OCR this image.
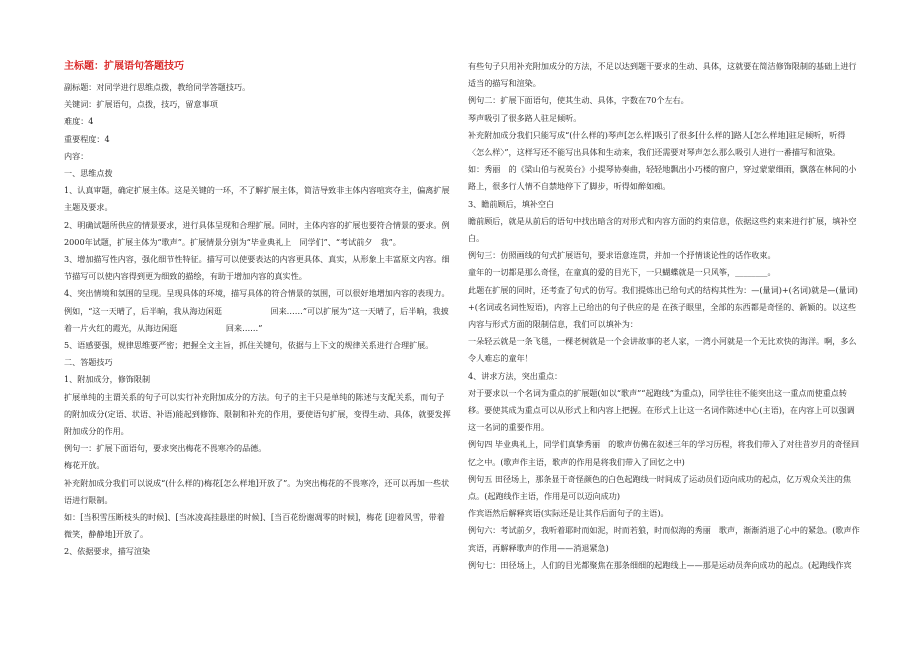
主标题：扩展语句答题技巧

副标题：对同学进行思维点拨，教给同学答题技巧。

关键词：扩展语句，点拨，技巧，留意事项

难度：4

重要程度：4

内容：

一、思维点拨

1、认真审题，确定扩展主体。这是关键的一环，不了解扩展主体，简洁导致非主体内容喧宾夺主，偏离扩展主题及要求。

2、明确试题所供应的情景要求，进行具体呈现和合理扩展。同时，主体内容的扩展也要符合情景的要求。例2000年试题，扩展主体为“歌声”。扩展情景分别为“毕业典礼上　同学们”、“考试前夕　我”。

3、增加描写性内容，强化细节性特征。描写可以使要表达的内容更具体、真实，从形象上丰富原文内容。细节描写可以使内容得到更为细致的描绘，有助于增加内容的真实性。

4、突出情境和氛围的呈现。呈现具体的环境，描写具体的符合情景的氛围，可以很好地增加内容的表现力。例如，“这一天晴了，后半晌，我从海边闲逛　　　　　　回来……”可以扩展为“这一天晴了，后半晌，我披着一片火红的霞光，从海边闲逛　　　　　　回来……”

5、语感要强，规律思维要严密；把握全文主旨，抓住关键句，依据与上下文的规律关系进行合理扩展。

二、答题技巧

1、附加成分，修饰限制

扩展单纯的主谓关系的句子可以实行补充附加成分的方法。句子的主干只是单纯的陈述与支配关系，而句子的附加成分(定语、状语、补语)能起到修饰、限制和补充的作用，要使语句扩展，变得生动、具体，就要发挥附加成分的作用。

例句一：扩展下面语句，要求突出梅花不畏寒冷的品德。

梅花开放。

补充附加成分我们可以说成“(什么样的)梅花[怎么样地]开放了”。为突出梅花的不畏寒冷，还可以再加一些状语进行限制。

如：[当积雪压断枝头的时候]、[当冰凌高挂悬崖的时候]、[当百花纷谢凋零的时候]，梅花 [迎着风雪，带着微笑，静静地]开放了。

2、依据要求，描写渲染

有些句子只用补充附加成分的方法，不足以达到题干要求的生动、具体，这就要在简洁修饰限制的基础上进行适当的描写和渲染。

例句二：扩展下面语句，使其生动、具体，字数在70个左右。

琴声吸引了很多路人驻足倾听。

补充附加成分我们只能写成“(什么样的)琴声[怎么样]吸引了很多[什么样的]路人[怎么样地]驻足倾听，听得〈怎么样〉”，这样写还不能写出具体和生动来，我们还需要对琴声怎么那么吸引人进行一番描写和渲染。

如：秀丽　的《梁山伯与祝英台》小提琴协奏曲，轻轻地飘出小巧楼的窗户，穿过蒙蒙细雨，飘落在林间的小路上，很多行人情不自禁地停下了脚步，听得如醉如痴。

3、瞻前顾后，填补空白

瞻前顾后，就是从前后的语句中找出暗含的对形式和内容方面的约束信息，依据这些约束来进行扩展，填补空白。

例句三：仿照画线的句式扩展语句，要求语意连贯，并加一个抒情谈论性的话作收束。

童年的一切都是那么奇怪，在童真的爱的目光下，一只蝴蝶就是一只风筝，________。

此题在扩展的同时，还考查了句式的仿写。我们提炼出已给句式的结构其性为：—(量词)+(名词)就是—(量词)+(名词或名词性短语)，内容上已给出的句子供应的是 在孩子眼里，全部的东西都是奇怪的、新颖的。以这些内容与形式方面的限制信息，我们可以填补为：

一朵轻云就是一条飞毯，一棵老树就是一个会讲故事的老人家，一湾小河就是一个无比欢快的海洋。啊，多么令人难忘的童年！

4、讲求方法，突出重点：

对于要求以一个名词为重点的扩展题(如以“歌声”“起跑线”为重点)，同学往往不能突出这一重点而使重点转移。要使其成为重点可以从形式上和内容上把握。在形式上让这一名词作陈述中心(主语)，在内容上可以强调这一名词的重要作用。

例句四 毕业典礼上，同学们真挚秀丽　的歌声仿佛在叙述三年的学习历程，将我们带入了对往昔岁月的奇怪回忆之中。(歌声作主语，歌声的作用是将我们带入了回忆之中)

例句五 田径场上，那条显于奇怪颜色的白色起跑线一时间成了运动员们迈向成功的起点，亿万观众关注的焦点。(起跑线作主语，作用是可以迈向成功)

作宾语然后解释宾语(实际还是让其作后面句子的主语)。

例句六：考试前夕，我听着耶时而如泥，时而若狼，时而似海的秀丽　歌声，渐渐消退了心中的紧急。(歌声作宾语，再解释歌声的作用——消退紧急)

例句七：田径场上，人们的目光都聚焦在那条细细的起跑线上——那是运动员奔向成功的起点。(起跑线作宾
